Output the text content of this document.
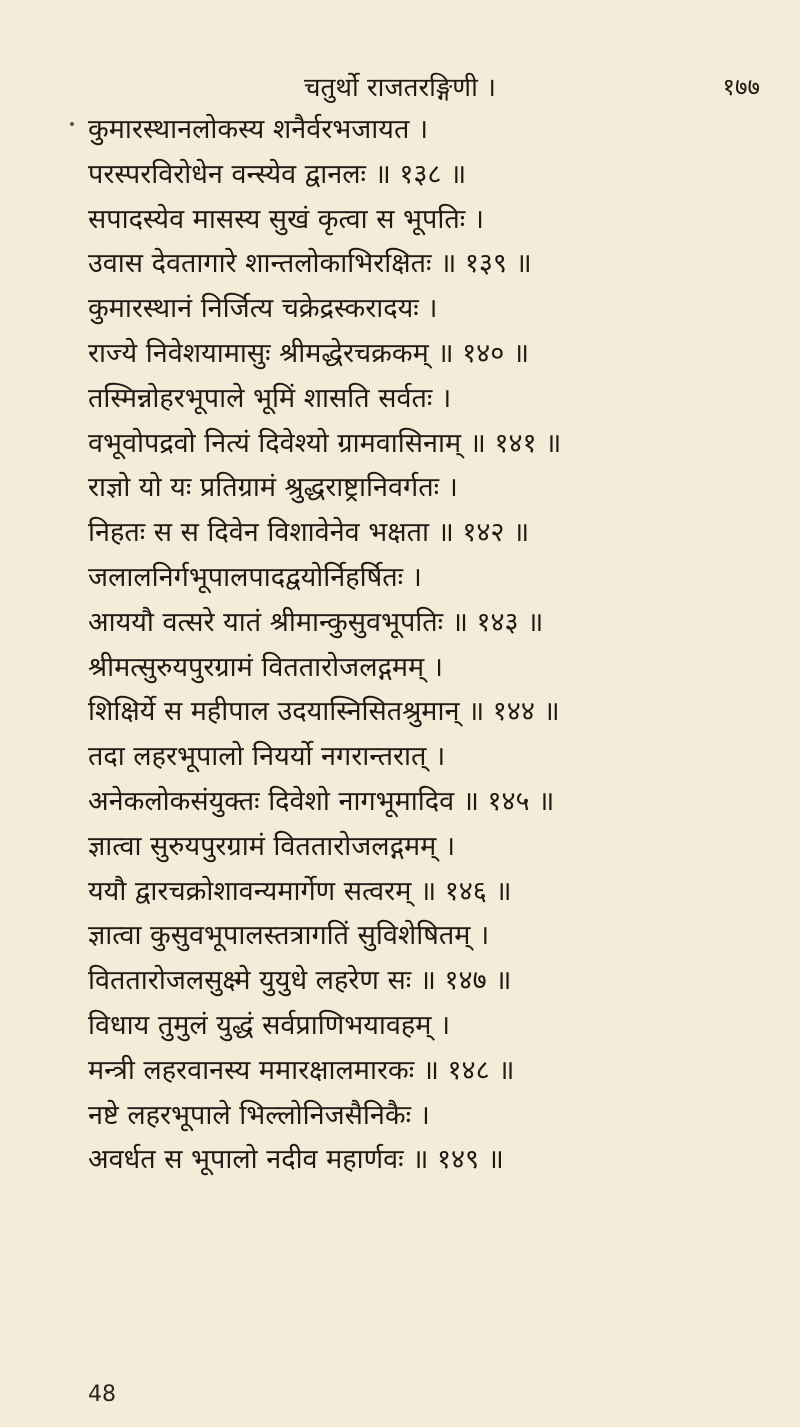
चतुर्थो राजतरङ्गिणी ।	१७७
कुमारस्थानलोकस्य शनैर्वरभजायत ।
परस्परविरोधेन वन्स्येव द्वानलः ॥ १३८ ॥
सपादस्येव मासस्य सुखं कृत्वा स भूपतिः ।
उवास देवतागारे शान्तलोकाभिरक्षितः ॥ १३९ ॥
कुमारस्थानं निर्जित्य चक्रेद्रस्करादयः ।
राज्ये निवेशयामासुः श्रीमद्धेरचक्रकम् ॥ १४० ॥
तस्मिन्नोहरभूपाले भूमिं शासति सर्वतः ।
वभूवोपद्रवो नित्यं दिवेश्यो ग्रामवासिनाम् ॥ १४१ ॥
राज्ञो यो यः प्रतिग्रामं श्रुद्धराष्ट्रानिवर्गतः ।
निहतः स स दिवेन विशावेनेव भक्षता ॥ १४२ ॥
जलालनिर्गभूपालपादद्वयोर्निहर्षितः ।
आययौ वत्सरे यातं श्रीमान्कुसुवभूपतिः ॥ १४३ ॥
श्रीमत्सुरुयपुरग्रामं विततारोजलद्गमम् ।
शिक्षिर्ये स महीपाल उदयास्निसितश्रुमान् ॥ १४४ ॥
तदा लहरभूपालो नियर्यो नगरान्तरात् ।
अनेकलोकसंयुक्तः दिवेशो नागभूमादिव ॥ १४५ ॥
ज्ञात्वा सुरुयपुरग्रामं विततारोजलद्गमम् ।
ययौ द्वारचक्रोशावन्यमार्गेण सत्वरम् ॥ १४६ ॥
ज्ञात्वा कुसुवभूपालस्तत्रागतिं सुविशेषितम् ।
विततारोजलसुक्ष्मे युयुधे लहरेण सः ॥ १४७ ॥
विधाय तुमुलं युद्धं सर्वप्राणिभयावहम् ।
मन्त्री लहरवानस्य ममारक्षालमारकः ॥ १४८ ॥
नष्टे लहरभूपाले भिल्लोनिजसैनिकैः ।
अवर्धत स भूपालो नदीव महार्णवः ॥ १४९ ॥
48
